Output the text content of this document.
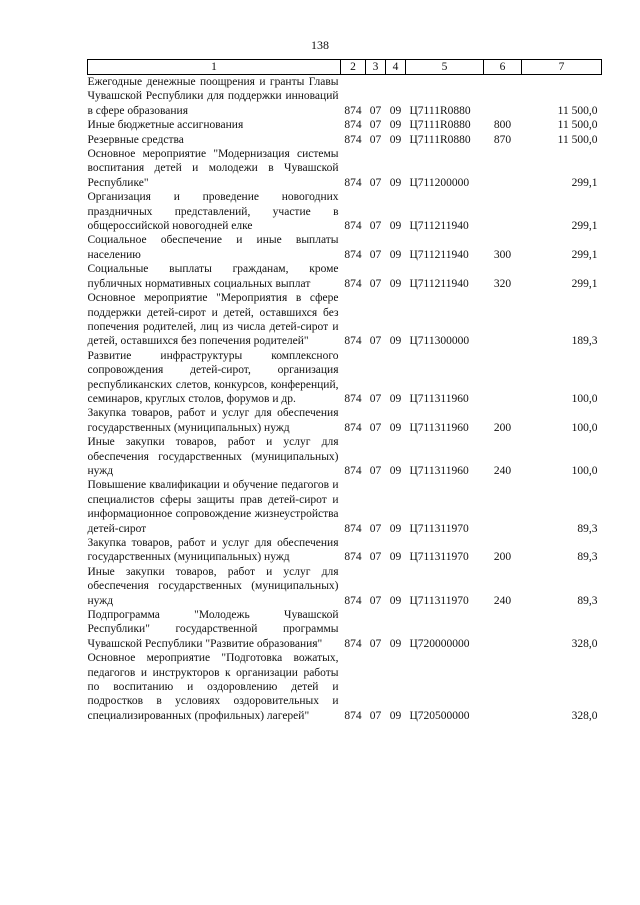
138
1	2	3	4	5	6	7
Ежегодные денежные поощрения и гранты Главы Чувашской Республики для поддержки инноваций в сфере образования	874	07	09	Ц7111R0880		11 500,0
Иные бюджетные ассигнования	874	07	09	Ц7111R0880	800	11 500,0
Резервные средства	874	07	09	Ц7111R0880	870	11 500,0
Основное мероприятие "Модернизация системы воспитания детей и молодежи в Чувашской Республике"	874	07	09	Ц711200000		299,1
Организация и проведение новогодних праздничных представлений, участие в общероссийской новогодней елке	874	07	09	Ц711211940		299,1
Социальное обеспечение и иные выплаты населению	874	07	09	Ц711211940	300	299,1
Социальные выплаты гражданам, кроме публичных нормативных социальных выплат	874	07	09	Ц711211940	320	299,1
Основное мероприятие "Мероприятия в сфере поддержки детей-сирот и детей, оставшихся без попечения родителей, лиц из числа детей-сирот и детей, оставшихся без попечения родителей"	874	07	09	Ц711300000		189,3
Развитие инфраструктуры комплексного сопровождения детей-сирот, организация республиканских слетов, конкурсов, конференций, семинаров, круглых столов, форумов и др.	874	07	09	Ц711311960		100,0
Закупка товаров, работ и услуг для обеспечения государственных (муниципальных) нужд	874	07	09	Ц711311960	200	100,0
Иные закупки товаров, работ и услуг для обеспечения государственных (муниципальных) нужд	874	07	09	Ц711311960	240	100,0
Повышение квалификации и обучение педагогов и специалистов сферы защиты прав детей-сирот и информационное сопровождение жизнеустройства детей-сирот	874	07	09	Ц711311970		89,3
Закупка товаров, работ и услуг для обеспечения государственных (муниципальных) нужд	874	07	09	Ц711311970	200	89,3
Иные закупки товаров, работ и услуг для обеспечения государственных (муниципальных) нужд	874	07	09	Ц711311970	240	89,3
Подпрограмма "Молодежь Чувашской Республики" государственной программы Чувашской Республики "Развитие образования"	874	07	09	Ц720000000		328,0
Основное мероприятие "Подготовка вожатых, педагогов и инструкторов к организации работы по воспитанию и оздоровлению детей и подростков в условиях оздоровительных и специализированных (профильных) лагерей"	874	07	09	Ц720500000		328,0
